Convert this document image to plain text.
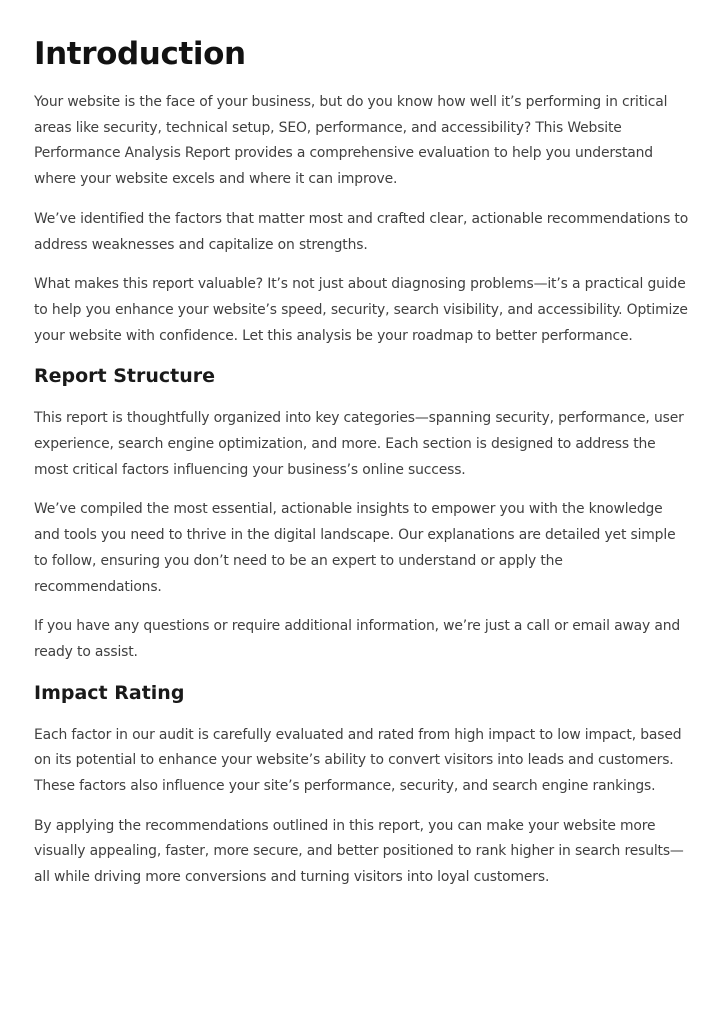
Introduction

Your website is the face of your business, but do you know how well it’s performing in critical areas like security, technical setup, SEO, performance, and accessibility? This Website Performance Analysis Report provides a comprehensive evaluation to help you understand where your website excels and where it can improve.

We’ve identified the factors that matter most and crafted clear, actionable recommendations to address weaknesses and capitalize on strengths.

What makes this report valuable? It’s not just about diagnosing problems—it’s a practical guide to help you enhance your website’s speed, security, search visibility, and accessibility. Optimize your website with confidence. Let this analysis be your roadmap to better performance.

Report Structure

This report is thoughtfully organized into key categories—spanning security, performance, user experience, search engine optimization, and more. Each section is designed to address the most critical factors influencing your business’s online success.

We’ve compiled the most essential, actionable insights to empower you with the knowledge and tools you need to thrive in the digital landscape. Our explanations are detailed yet simple to follow, ensuring you don’t need to be an expert to understand or apply the recommendations.

If you have any questions or require additional information, we’re just a call or email away and ready to assist.

Impact Rating

Each factor in our audit is carefully evaluated and rated from high impact to low impact, based on its potential to enhance your website’s ability to convert visitors into leads and customers. These factors also influence your site’s performance, security, and search engine rankings.

By applying the recommendations outlined in this report, you can make your website more visually appealing, faster, more secure, and better positioned to rank higher in search results—all while driving more conversions and turning visitors into loyal customers.
